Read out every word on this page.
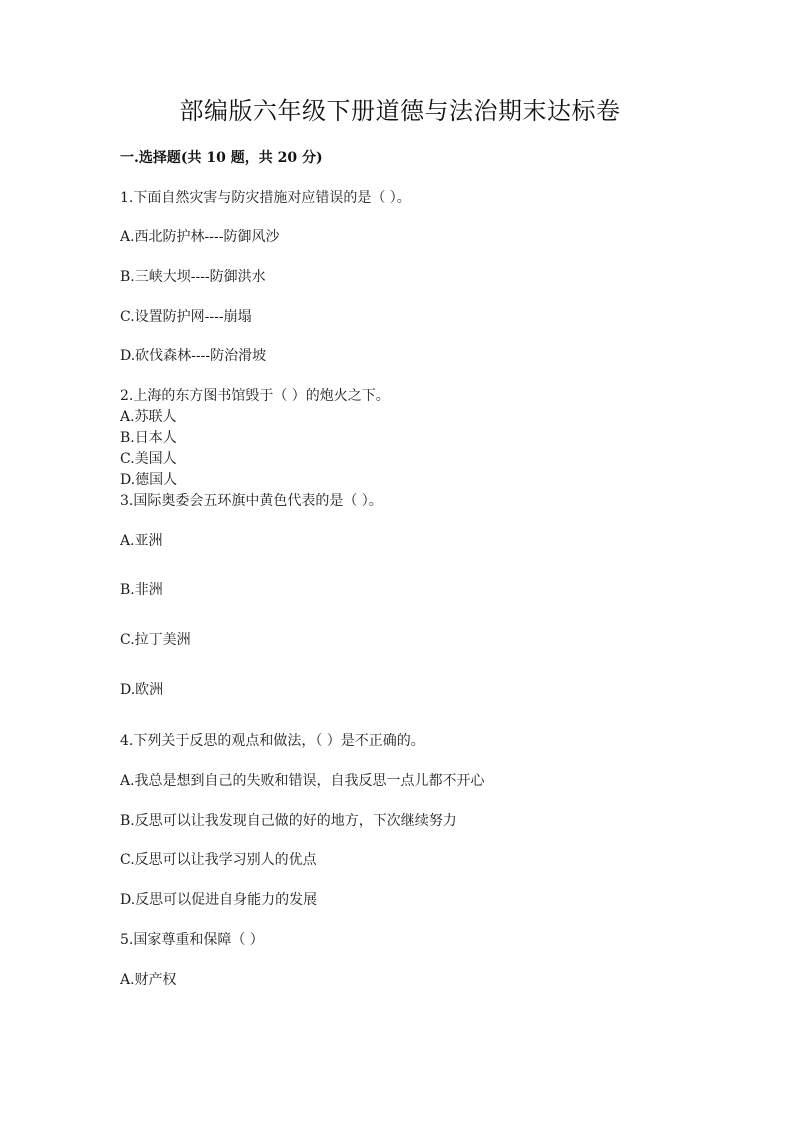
部编版六年级下册道德与法治期末达标卷
一.选择题(共 10 题，共 20 分)
1.下面自然灾害与防灾措施对应错误的是（ ）。
A.西北防护林----防御风沙
B.三峡大坝----防御洪水
C.设置防护网----崩塌
D.砍伐森林----防治滑坡
2.上海的东方图书馆毁于（ ）的炮火之下。
A.苏联人
B.日本人
C.美国人
D.德国人
3.国际奥委会五环旗中黄色代表的是（ ）。
A.亚洲
B.非洲
C.拉丁美洲
D.欧洲
4.下列关于反思的观点和做法，（ ）是不正确的。
A.我总是想到自己的失败和错误，自我反思一点儿都不开心
B.反思可以让我发现自己做的好的地方，下次继续努力
C.反思可以让我学习别人的优点
D.反思可以促进自身能力的发展
5.国家尊重和保障（ ）
A.财产权
